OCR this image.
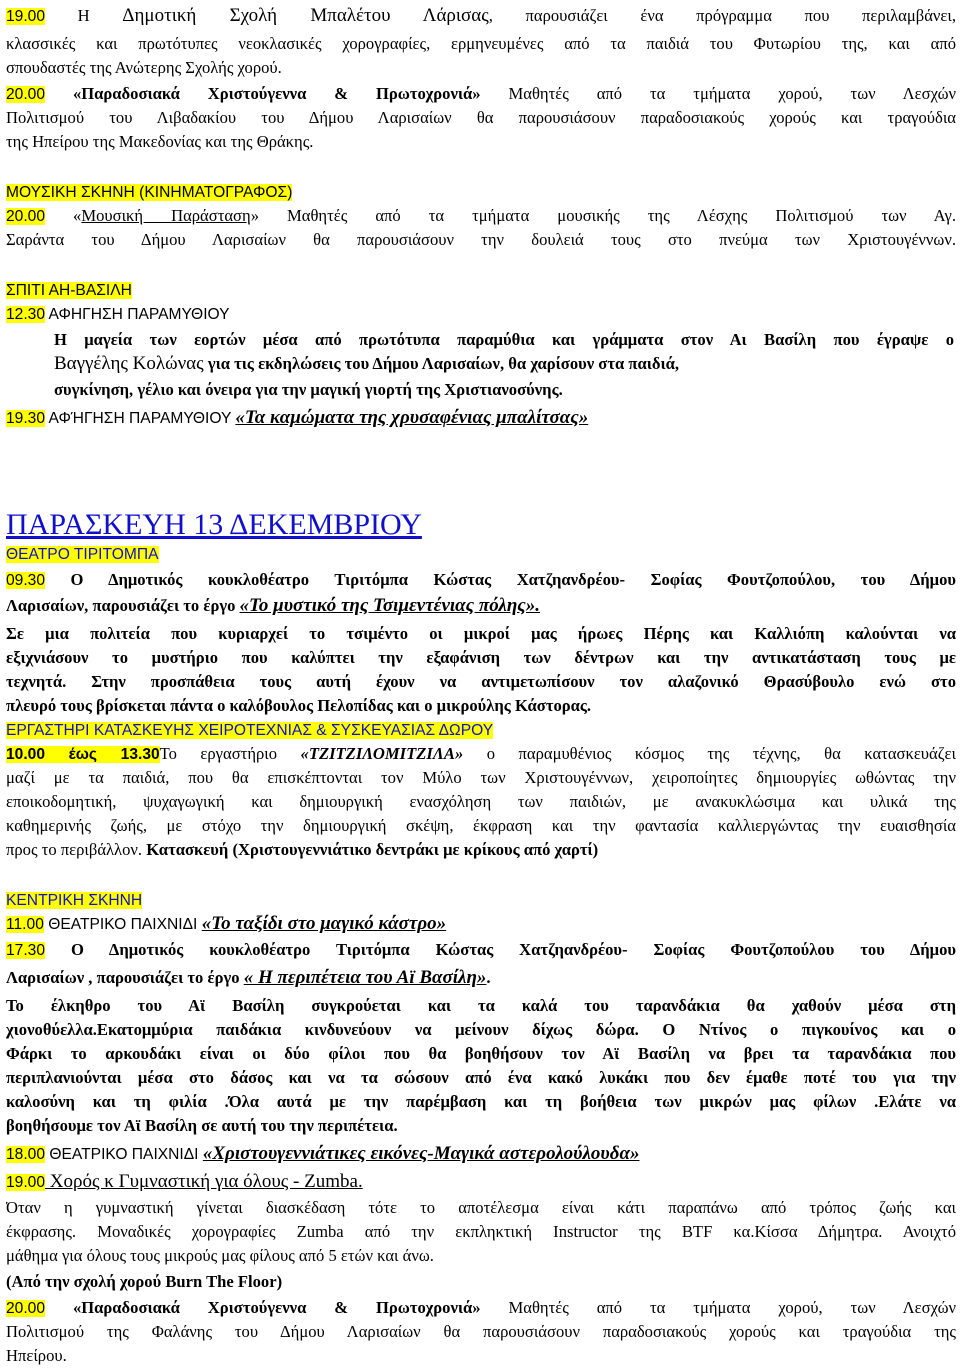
19.00 Η Δημοτική Σχολή Μπαλέτου Λάρισας, παρουσιάζει ένα πρόγραμμα που περιλαμβάνει,
κλασσικές και πρωτότυπες νεοκλασικές χορογραφίες, ερμηνευμένες από τα παιδιά του Φυτωρίου της, και από
σπουδαστές της Ανώτερης Σχολής χορού.
20.00 «Παραδοσιακά Χριστούγεννα & Πρωτοχρονιά» Μαθητές από τα τμήματα χορού, των Λεσχών
Πολιτισμού του Λιβαδακίου του Δήμου Λαρισαίων θα παρουσιάσουν παραδοσιακούς χορούς και τραγούδια
της Ηπείρου της Μακεδονίας και της Θράκης.
ΜΟΥΣΙΚΗ ΣΚΗΝΗ (ΚΙΝΗΜΑΤΟΓΡΑΦΟΣ)
20.00 «Μουσική Παράσταση» Μαθητές από τα τμήματα μουσικής της Λέσχης Πολιτισμού των Αγ.
Σαράντα του Δήμου Λαρισαίων θα παρουσιάσουν την δουλειά τους στο πνεύμα των Χριστουγέννων.
ΣΠΙΤΙ ΑΗ-ΒΑΣΙΛΗ
12.30 ΑΦΗΓΗΣΗ ΠΑΡΑΜΥΘΙΟΥ
Η μαγεία των εορτών μέσα από πρωτότυπα παραμύθια και γράμματα στον Αι Βασίλη που έγραψε ο
Βαγγέλης Κολώνας για τις εκδηλώσεις του Δήμου Λαρισαίων, θα χαρίσουν στα παιδιά,
συγκίνηση, γέλιο και όνειρα για την μαγική γιορτή της Χριστιανοσύνης.
19.30 ΑΦΉΓΗΣΗ ΠΑΡΑΜΥΘΙΟΥ «Τα καμώματα της χρυσαφένιας μπαλίτσας»
ΠΑΡΑΣΚΕΥΗ 13 ΔΕΚΕΜΒΡΙΟΥ
ΘΕΑΤΡΟ ΤΙΡΙΤΟΜΠΑ
09.30 Ο Δημοτικός κουκλοθέατρο Τιριτόμπα Κώστας Χατζηανδρέου- Σοφίας Φουτζοπούλου, του Δήμου
Λαρισαίων, παρουσιάζει το έργο «Το μυστικό της Τσιμεντένιας πόλης».
Σε μια πολιτεία που κυριαρχεί το τσιμέντο οι μικροί μας ήρωες Πέρης και Καλλιόπη καλούνται να
εξιχνιάσουν το μυστήριο που καλύπτει την εξαφάνιση των δέντρων και την αντικατάσταση τους με
τεχνητά. Στην προσπάθεια τους αυτή έχουν να αντιμετωπίσουν τον αλαζονικό Θρασύβουλο ενώ στο
πλευρό τους βρίσκεται πάντα ο καλόβουλος Πελοπίδας και ο μικρούλης Κάστορας.
ΕΡΓΑΣΤΗΡΙ ΚΑΤΑΣΚΕΥΗΣ ΧΕΙΡΟΤΕΧΝΙΑΣ & ΣΥΣΚΕΥΑΣΙΑΣ ΔΩΡΟΥ
10.00 έως 13.30Το εργαστήριο «ΤΖΙΤΖΙΛΟΜΙΤΖΙΛΑ» ο παραμυθένιος κόσμος της τέχνης, θα κατασκευάζει
μαζί με τα παιδιά, που θα επισκέπτονται τον Μύλο των Χριστουγέννων, χειροποίητες δημιουργίες ωθώντας την
εποικοδομητική, ψυχαγωγική και δημιουργική ενασχόληση των παιδιών, με ανακυκλώσιμα και υλικά της
καθημερινής ζωής, με στόχο την δημιουργική σκέψη, έκφραση και την φαντασία καλλιεργώντας την ευαισθησία
προς το περιβάλλον. Κατασκευή (Χριστουγεννιάτικο δεντράκι με κρίκους από χαρτί)
ΚΕΝΤΡΙΚΗ ΣΚΗΝΗ
11.00 ΘΕΑΤΡΙΚΟ ΠΑΙΧΝΙΔΙ «Το ταξίδι στο μαγικό κάστρο»
17.30 Ο Δημοτικός κουκλοθέατρο Τιριτόμπα Κώστας Χατζηανδρέου- Σοφίας Φουτζοπούλου του Δήμου
Λαρισαίων , παρουσιάζει το έργο « Η περιπέτεια του Αϊ Βασίλη».
Το έλκηθρο του Αϊ Βασίλη συγκρούεται και τα καλά του ταρανδάκια θα χαθούν μέσα στη
χιονοθύελλα.Εκατομμύρια παιδάκια κινδυνεύουν να μείνουν δίχως δώρα. Ο Ντίνος ο πιγκουίνος και ο
Φάρκι το αρκουδάκι είναι οι δύο φίλοι που θα βοηθήσουν τον Αϊ Βασίλη να βρει τα ταρανδάκια που
περιπλανιούνται μέσα στο δάσος και να τα σώσουν από ένα κακό λυκάκι που δεν έμαθε ποτέ του για την
καλοσύνη και τη φιλία .Όλα αυτά με την παρέμβαση και τη βοήθεια των μικρών μας φίλων .Ελάτε να
βοηθήσουμε τον Αϊ Βασίλη σε αυτή του την περιπέτεια.
18.00 ΘΕΑΤΡΙΚΟ ΠΑΙΧΝΙΔΙ «Χριστουγεννιάτικες εικόνες-Μαγικά αστερολούλουδα»
19.00 Χορός κ Γυμναστική για όλους - Zumba.
Όταν η γυμναστική γίνεται διασκέδαση τότε το αποτέλεσμα είναι κάτι παραπάνω από τρόπος ζωής και
έκφρασης. Μοναδικές χορογραφίες Zumba από την εκπληκτική Instructor της BTF κα.Κίσσα Δήμητρα. Ανοιχτό
μάθημα για όλους τους μικρούς μας φίλους από 5 ετών και άνω.
(Από την σχολή χορού Burn The Floor)
20.00 «Παραδοσιακά Χριστούγεννα & Πρωτοχρονιά» Μαθητές από τα τμήματα χορού, των Λεσχών
Πολιτισμού της Φαλάνης του Δήμου Λαρισαίων θα παρουσιάσουν παραδοσιακούς χορούς και τραγούδια της
Ηπείρου.
